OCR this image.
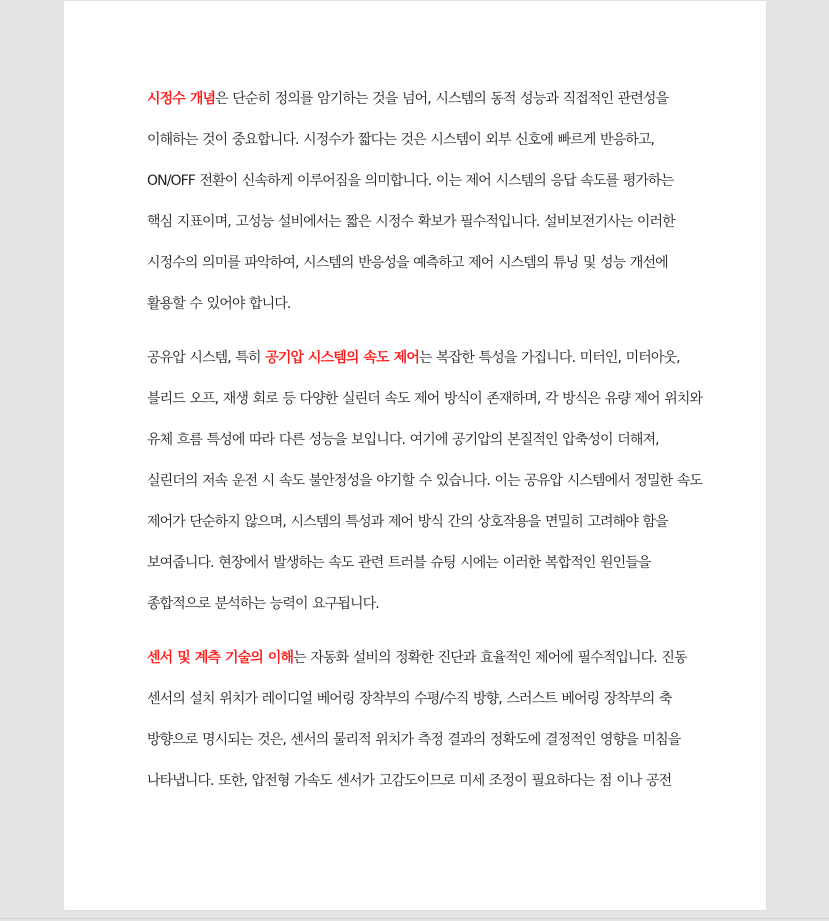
시정수 개념은 단순히 정의를 암기하는 것을 넘어, 시스템의 동적 성능과 직접적인 관련성을
이해하는 것이 중요합니다. 시정수가 짧다는 것은 시스템이 외부 신호에 빠르게 반응하고,
ON/OFF 전환이 신속하게 이루어짐을 의미합니다. 이는 제어 시스템의 응답 속도를 평가하는
핵심 지표이며, 고성능 설비에서는 짧은 시정수 확보가 필수적입니다. 설비보전기사는 이러한
시정수의 의미를 파악하여, 시스템의 반응성을 예측하고 제어 시스템의 튜닝 및 성능 개선에
활용할 수 있어야 합니다.

공유압 시스템, 특히 공기압 시스템의 속도 제어는 복잡한 특성을 가집니다. 미터인, 미터아웃,
블리드 오프, 재생 회로 등 다양한 실린더 속도 제어 방식이 존재하며, 각 방식은 유량 제어 위치와
유체 흐름 특성에 따라 다른 성능을 보입니다. 여기에 공기압의 본질적인 압축성이 더해져,
실린더의 저속 운전 시 속도 불안정성을 야기할 수 있습니다. 이는 공유압 시스템에서 정밀한 속도
제어가 단순하지 않으며, 시스템의 특성과 제어 방식 간의 상호작용을 면밀히 고려해야 함을
보여줍니다. 현장에서 발생하는 속도 관련 트러블 슈팅 시에는 이러한 복합적인 원인들을
종합적으로 분석하는 능력이 요구됩니다.

센서 및 계측 기술의 이해는 자동화 설비의 정확한 진단과 효율적인 제어에 필수적입니다. 진동
센서의 설치 위치가 레이디얼 베어링 장착부의 수평/수직 방향, 스러스트 베어링 장착부의 축
방향으로 명시되는 것은, 센서의 물리적 위치가 측정 결과의 정확도에 결정적인 영향을 미침을
나타냅니다. 또한, 압전형 가속도 센서가 고감도이므로 미세 조정이 필요하다는 점 이나 공전
